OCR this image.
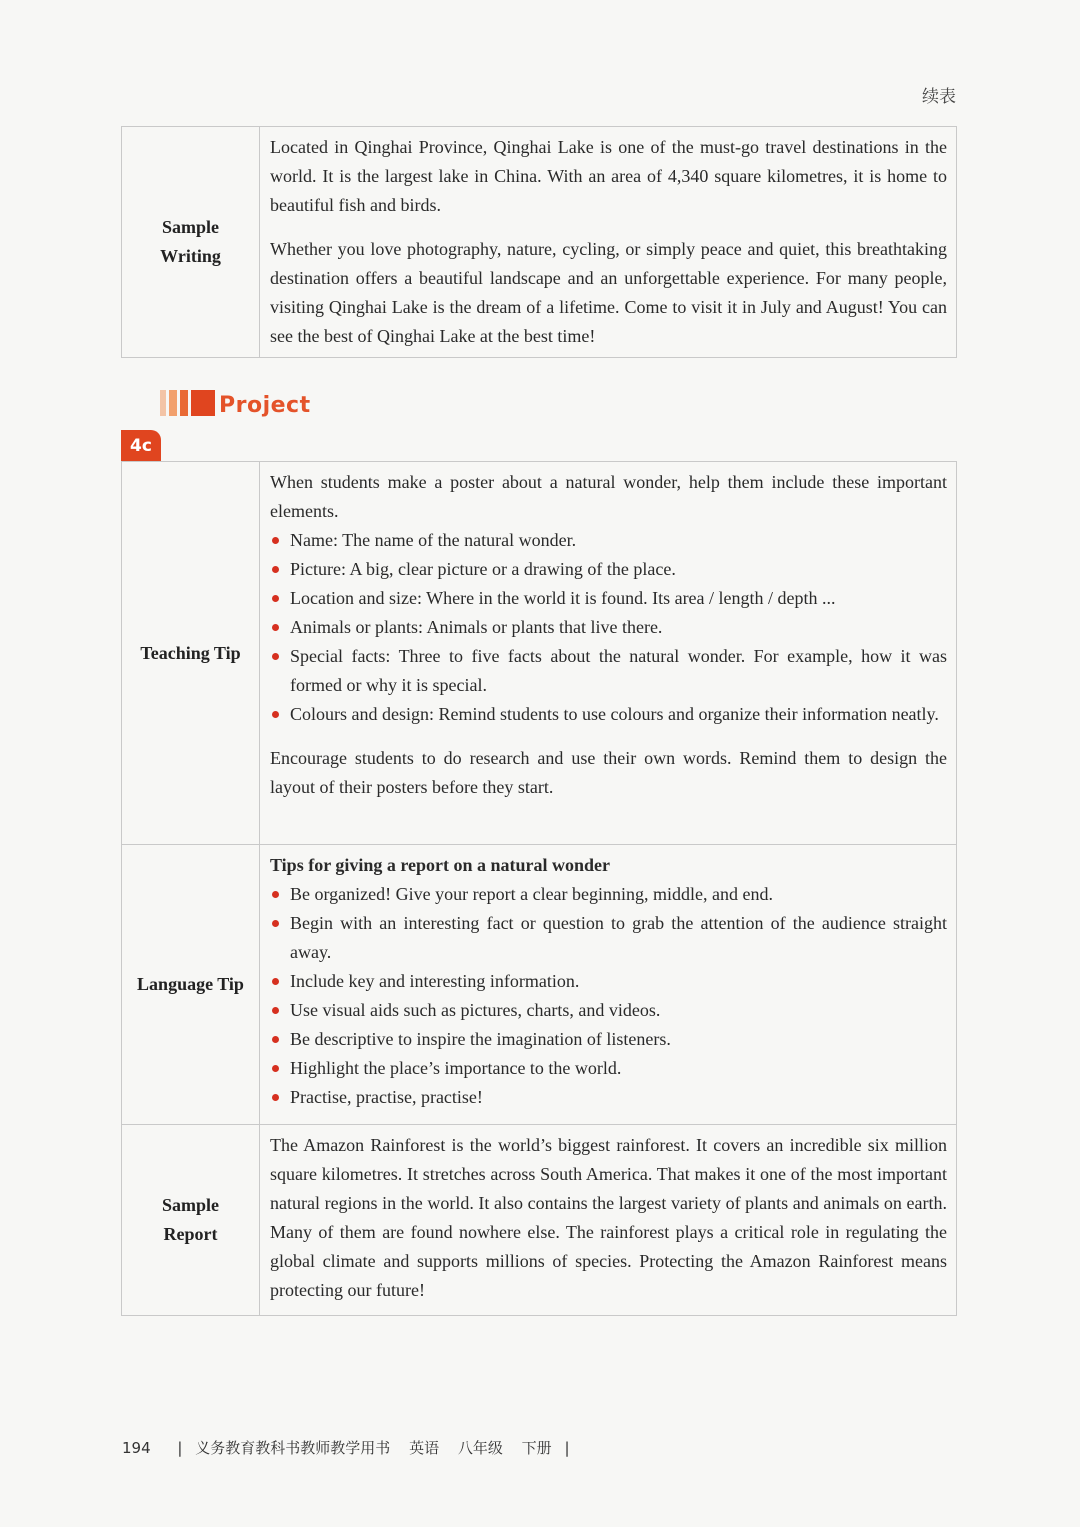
续表
Sample
Writing

Located in Qinghai Province, Qinghai Lake is one of the must-go travel destinations in the world. It is the largest lake in China. With an area of 4,340 square kilometres, it is home to beautiful fish and birds.

Whether you love photography, nature, cycling, or simply peace and quiet, this breathtaking destination offers a beautiful landscape and an unforgettable experience. For many people, visiting Qinghai Lake is the dream of a lifetime. Come to visit it in July and August! You can see the best of Qinghai Lake at the best time!

Project
4c
Teaching Tip

When students make a poster about a natural wonder, help them include these important elements.

Name: The name of the natural wonder.
Picture: A big, clear picture or a drawing of the place.
Location and size: Where in the world it is found. Its area / length / depth ...
Animals or plants: Animals or plants that live there.
Special facts: Three to five facts about the natural wonder. For example, how it was formed or why it is special.
Colours and design: Remind students to use colours and organize their information neatly.

Encourage students to do research and use their own words. Remind them to design the layout of their posters before they start.

Language Tip

Tips for giving a report on a natural wonder

Be organized! Give your report a clear beginning, middle, and end.
Begin with an interesting fact or question to grab the attention of the audience straight away.
Include key and interesting information.
Use visual aids such as pictures, charts, and videos.
Be descriptive to inspire the imagination of listeners.
Highlight the place’s importance to the world.
Practise, practise, practise!
Sample
Report

The Amazon Rainforest is the world’s biggest rainforest. It covers an incredible six million square kilometres. It stretches across South America. That makes it one of the most important natural regions in the world. It also contains the largest variety of plants and animals on earth. Many of them are found nowhere else. The rainforest plays a critical role in regulating the global climate and supports millions of species. Protecting the Amazon Rainforest means protecting our future!

194 | 义务教育教科书教师教学用书 英语 八年级 下册 |
